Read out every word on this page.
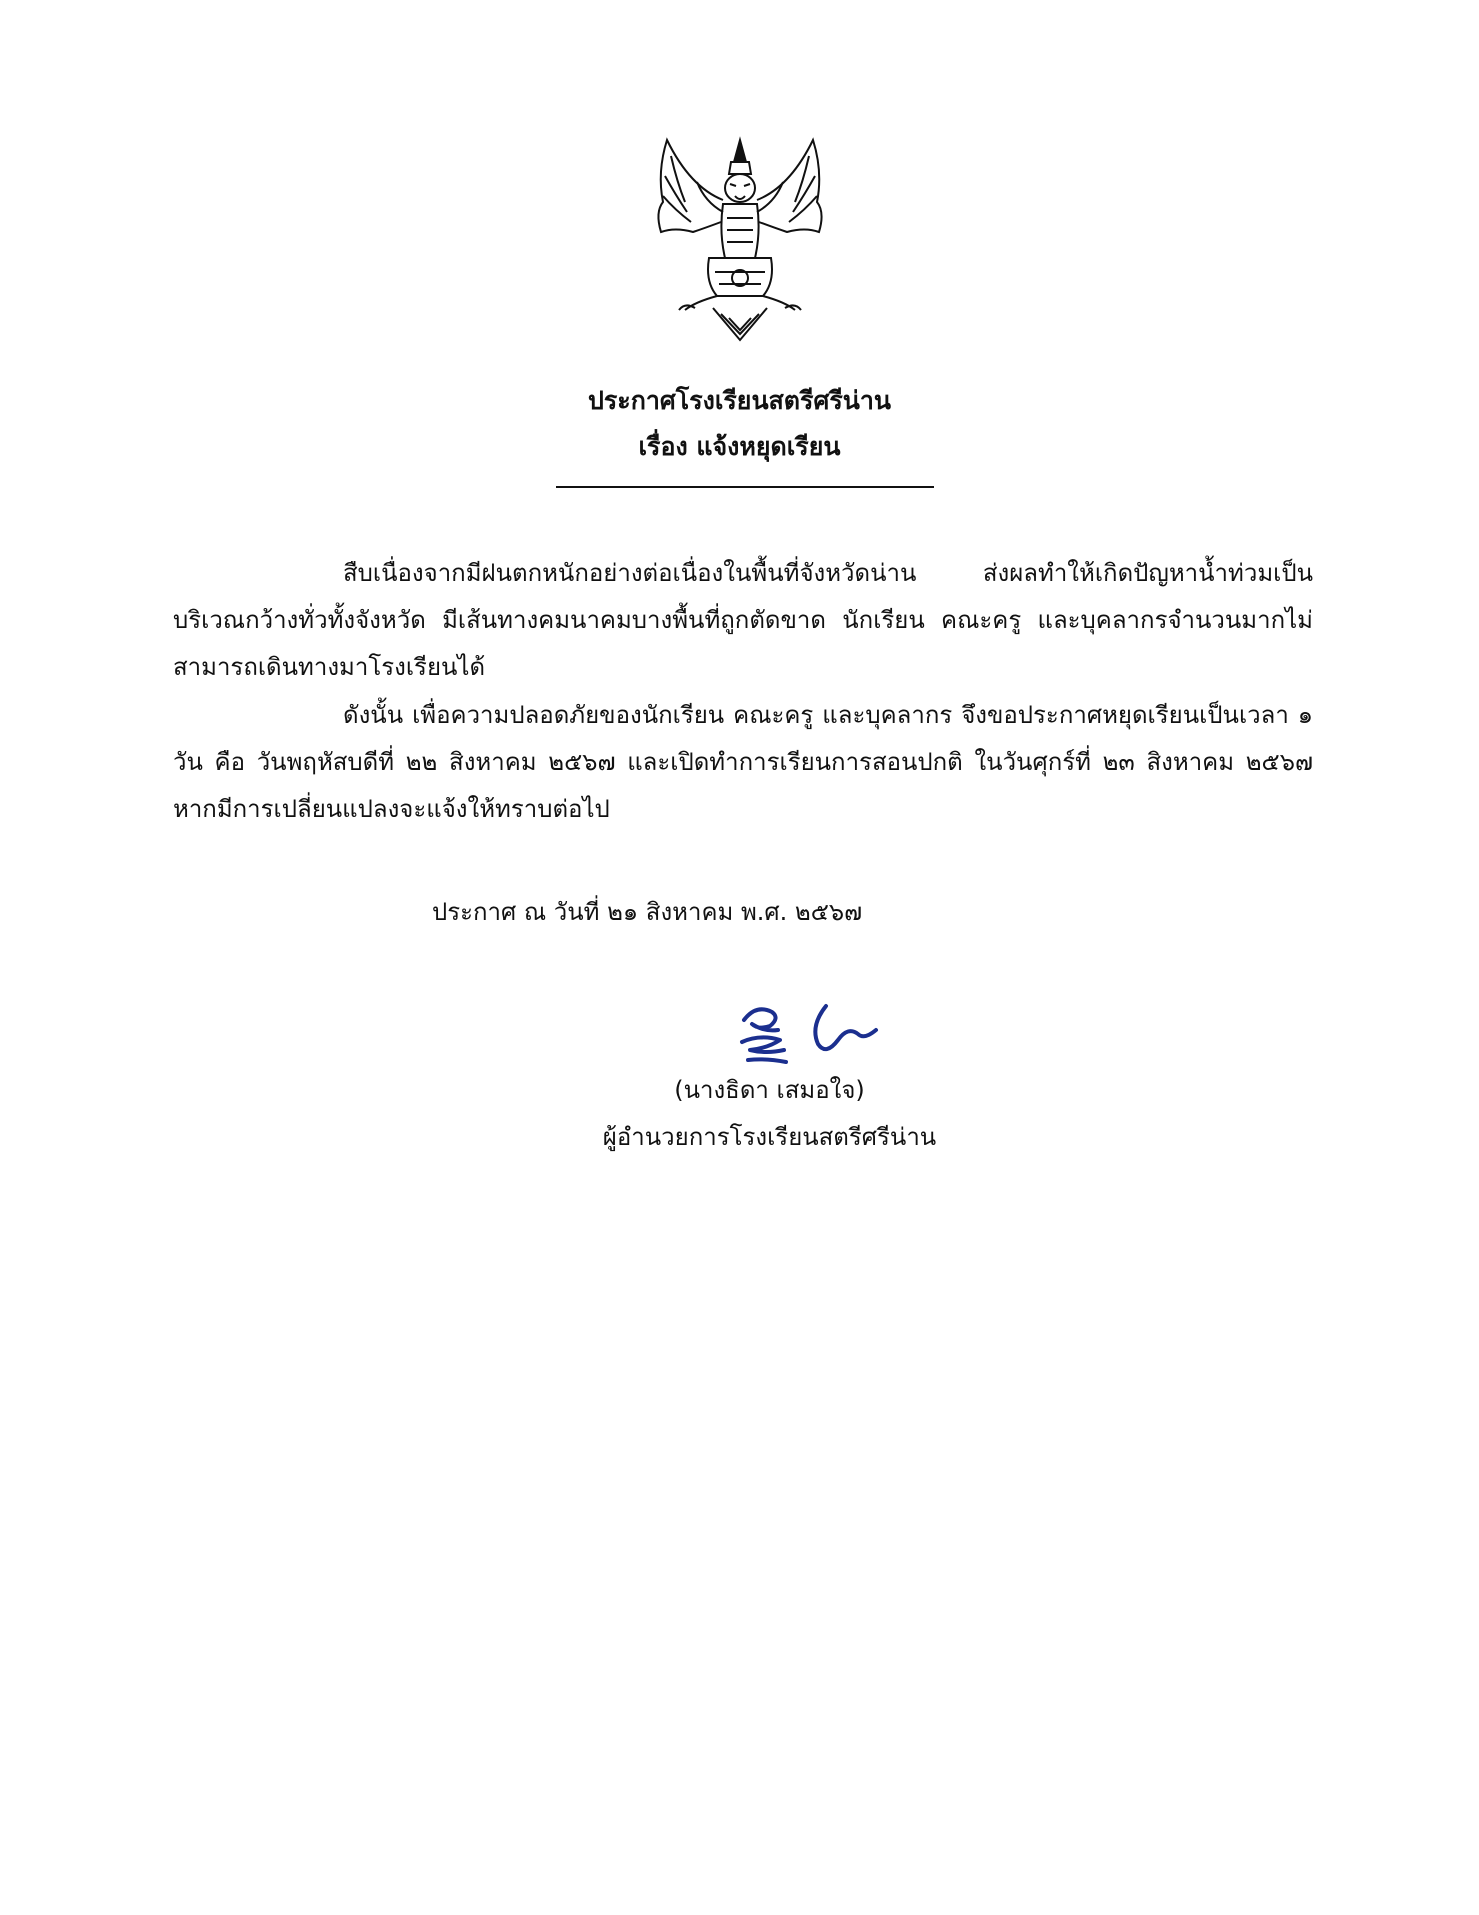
ประกาศโรงเรียนสตรีศรีน่าน
เรื่อง แจ้งหยุดเรียน
สืบเนื่องจากมีฝนตกหนักอย่างต่อเนื่องในพื้นที่จังหวัดน่าน ส่งผลทำให้เกิดปัญหาน้ำท่วมเป็นบริเวณกว้างทั่วทั้งจังหวัด มีเส้นทางคมนาคมบางพื้นที่ถูกตัดขาด นักเรียน คณะครู และบุคลากรจำนวนมากไม่สามารถเดินทางมาโรงเรียนได้
ดังนั้น เพื่อความปลอดภัยของนักเรียน คณะครู และบุคลากร จึงขอประกาศหยุดเรียนเป็นเวลา ๑ วัน คือ วันพฤหัสบดีที่ ๒๒ สิงหาคม ๒๕๖๗ และเปิดทำการเรียนการสอนปกติ ในวันศุกร์ที่ ๒๓ สิงหาคม ๒๕๖๗ หากมีการเปลี่ยนแปลงจะแจ้งให้ทราบต่อไป
ประกาศ ณ วันที่ ๒๑ สิงหาคม พ.ศ. ๒๕๖๗
(นางธิดา เสมอใจ)
ผู้อำนวยการโรงเรียนสตรีศรีน่าน
